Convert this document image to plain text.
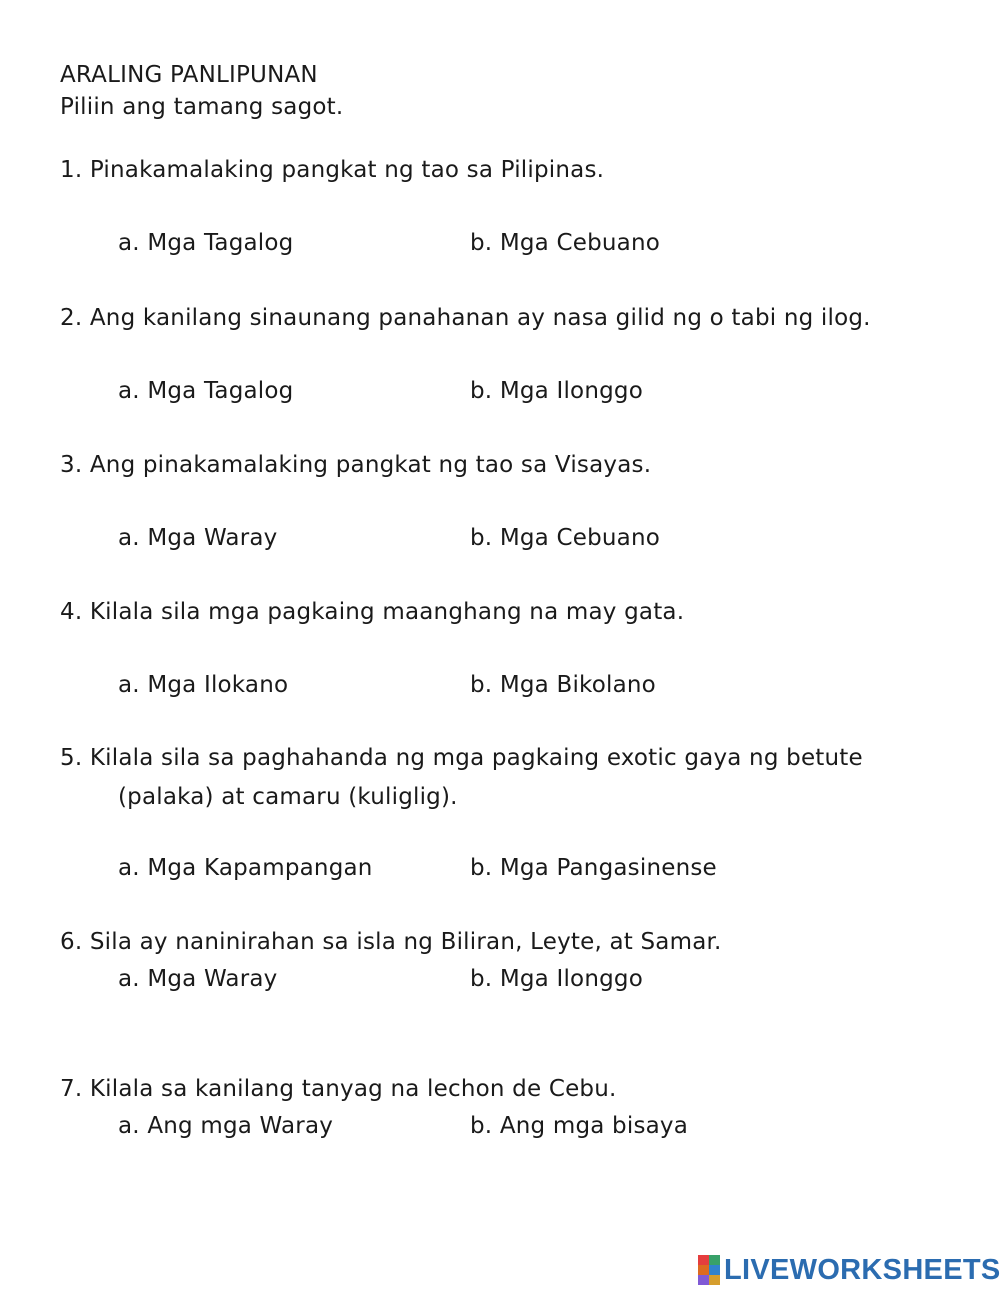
ARALING PANLIPUNAN
Piliin ang tamang sagot.
1. Pinakamalaking pangkat ng tao sa Pilipinas.
a. Mga Tagalog	b. Mga Cebuano
2. Ang kanilang sinaunang panahanan ay nasa gilid ng o tabi ng ilog.
a. Mga Tagalog	b. Mga Ilonggo
3. Ang pinakamalaking pangkat ng tao sa Visayas.
a. Mga Waray	b. Mga Cebuano
4. Kilala sila mga pagkaing maanghang na may gata.
a. Mga Ilokano	b. Mga Bikolano
5. Kilala sila sa paghahanda ng mga pagkaing exotic gaya ng betute
(palaka) at camaru (kuliglig).
a. Mga Kapampangan	b. Mga Pangasinense
6. Sila ay naninirahan sa isla ng Biliran, Leyte, at Samar.
a. Mga Waray	b. Mga Ilonggo
7. Kilala sa kanilang tanyag na lechon de Cebu.
a. Ang mga Waray	b. Ang mga bisaya
LIVEWORKSHEETS
